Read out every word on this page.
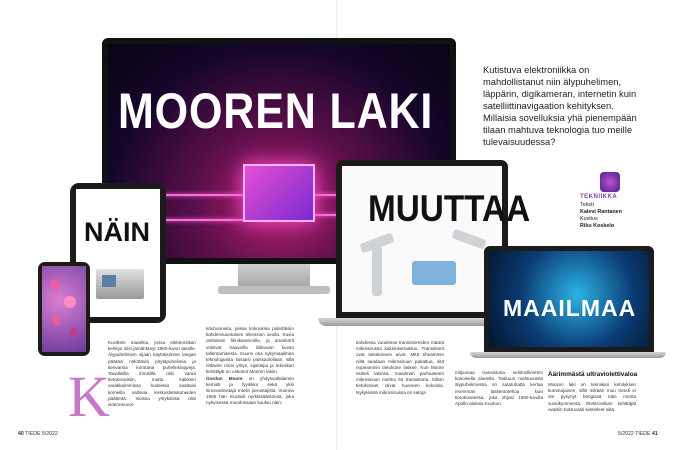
MOOREN LAKI

Kutistuva elektroniikka on mahdollistanut niin älypuhelimen, läppärin, digikameran, internetin kuin satelliittinavigaation kehityksen. Millaisia sovelluksia yhä pienempään tilaan mahtuva teknologia tuo meille tulevaisuudessa?

TEKNIIKKA
Teksti
Kalevi Rantanen
Kuvitus
Riku Koskelo
NÄIN
MUUTTAA
MAAILMAA
K

Kuvittele maailma, jossa elektroniikan kehitys olisi jämähtänyt 1960-luvun tasolle. Älypuhelimien sijaan käyttäisimme langan päässä nökötäviä pöytäpuhelimia ja tienvarsia korotaria puhelinkioppeja. Tavallisilla ihmisillä olisi varaa tietokoneisiin, mutta kaikkein varakkaimmissa kodeissa saattaisi komeilla valtavia keskustietokoneiden päätteitä. Isoissa yrityksissä olisi videoneuvot-

teluhuoneita, joissa kokouksia pidettäisiin kahdensuuntaisen television avulla. Kuvia otettaisiin filmikameroilla, ja amatöörit voisivat haaveilla liikkuvan kuvan tallentamisesta. Suurin osa nykymaailman teknologiasta loistaisi poissaolollaan, sillä riittävän moni yritys, sijoittajia ja tekniikan kehittäjät on uskonut Mooren lakiin.
Gordon Moore on yhdysvaltalainen kemisti ja fyysikko sekä yksi sirusvalmistaja Intelin perustajista. Vuonna 1965 hän muotoili nyrkkisääntönsä, joka nykyisessä muodossaan kuuluu näin:

kahdessa vuodessa transistoreiden määrä mikrosirussa kaksinkertaistuu. Transistorit ovat tietokoneen aivot. Mitä tiheämmin niitä saadaan mikrosiruun pakattua, sitä nopeammin tietokone laskee. Kun Moore esitteli lakinsa, maailman parhaaseen mikrosiruun mahtui 64 transistoria. Silloin tietokoneet olivat huoneen kokoisia. Nykyisissä mikrosiruissa on satoja

miljoonaa transistoria neliömillimetrin kokoisella alueella. Taskuun mahtuvassa älypuhelimessa on satatuhatta kertaa enemmän laskentotehoa kuin tietokoneessa, joka ohjasi 1960-luvulla Apollo-aluksia Kuuhun.

Äärimmästä ultraviolettivaloa

Mooren laki on tekniikan kehityksen kummajainen, sillä mikään muu trendi ei ole pysynyt bengissä näin monta vuosikymmentä. Elektroniikan kehittäjät ovatkin toistuvasti kiistelleet siitä,

40 TIEDE 5/2022	5/2022 TIEDE 41
